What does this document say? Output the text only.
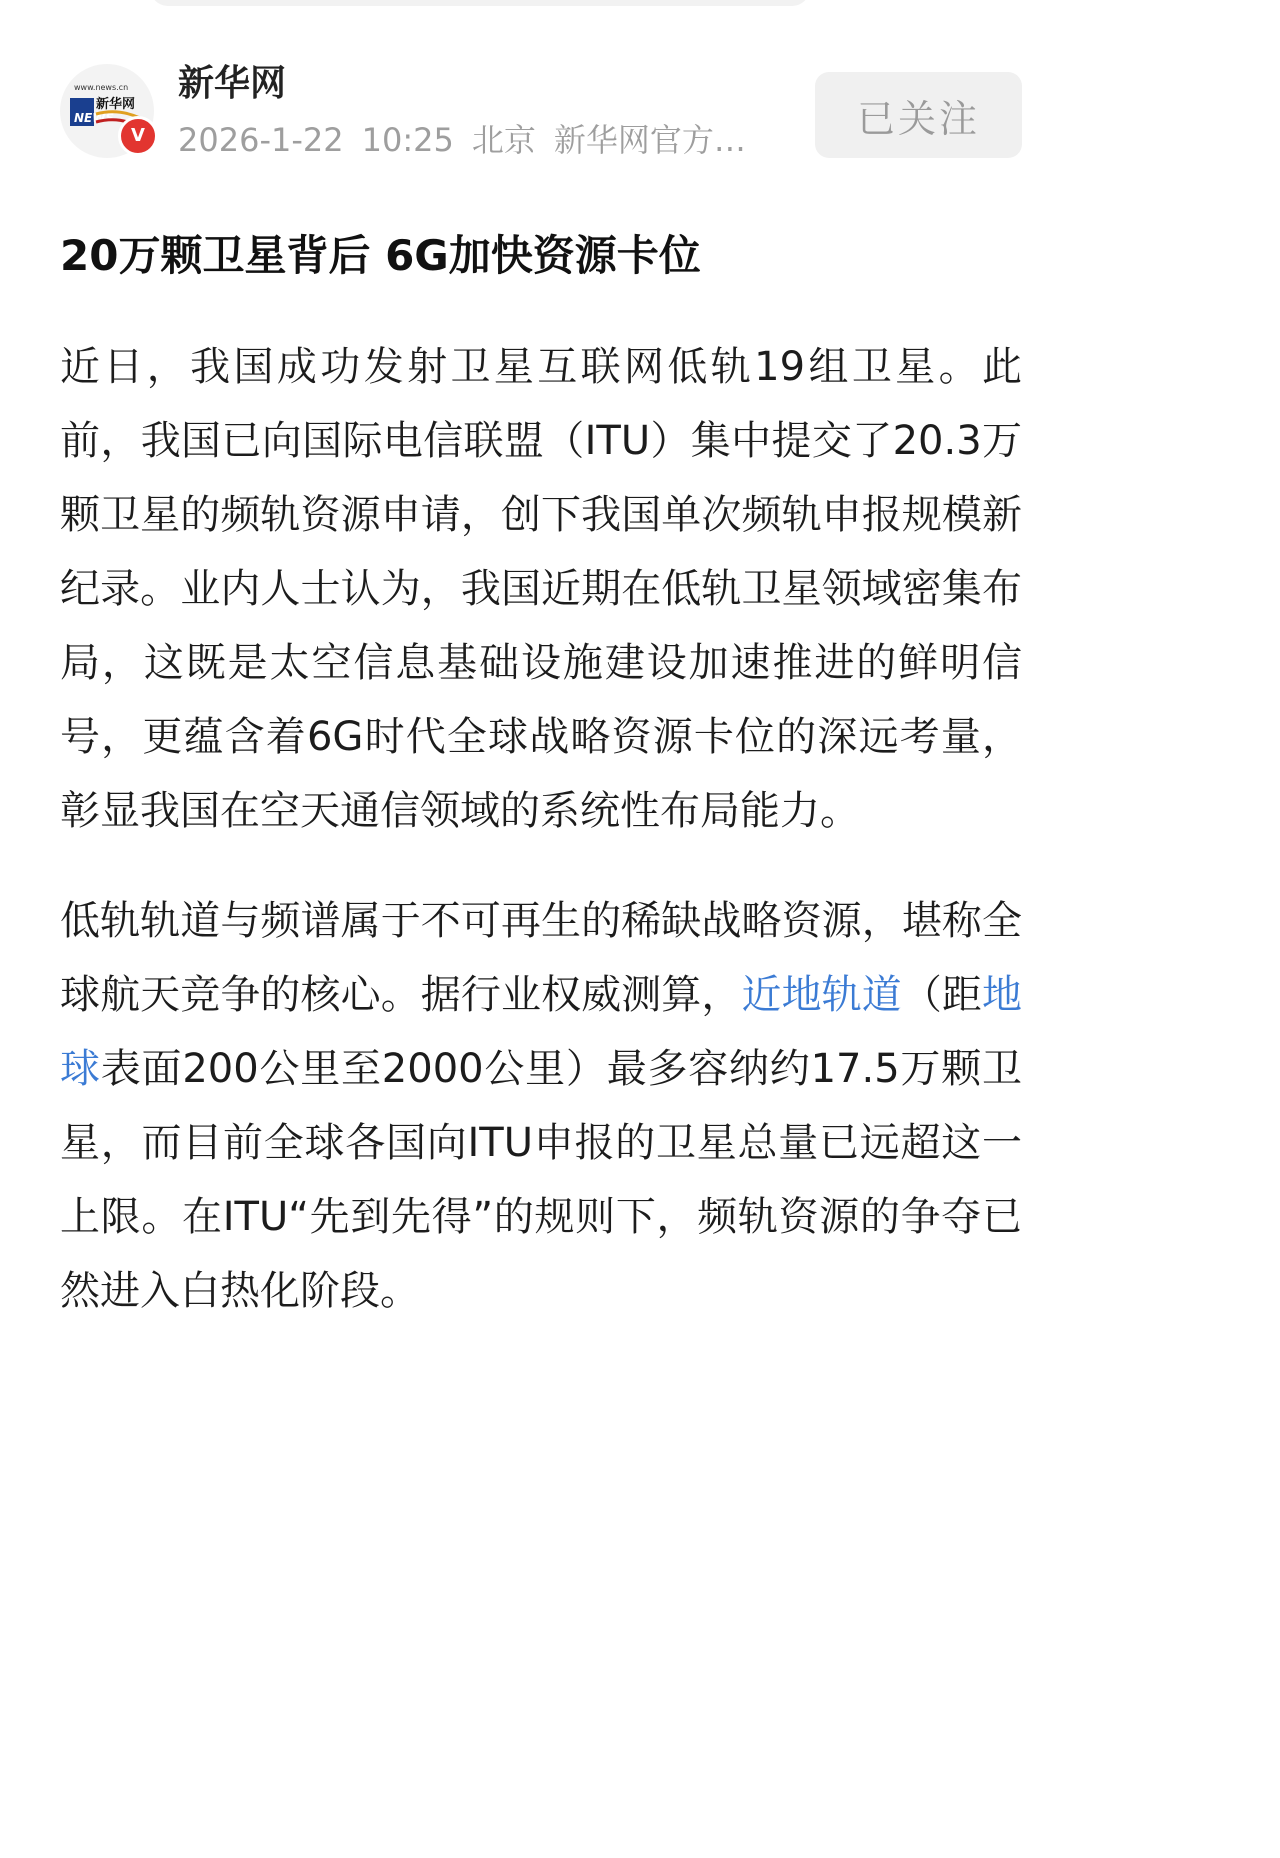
www.news.cn
新华网
NEWS
V
新华网
2026-1-22 10:25 北京 新华网官方…	已关注
20万颗卫星背后 6G加快资源卡位

近日，我国成功发射卫星互联网低轨19组卫星。此前，我国已向国际电信联盟（ITU）集中提交了20.3万颗卫星的频轨资源申请，创下我国单次频轨申报规模新纪录。业内人士认为，我国近期在低轨卫星领域密集布局，这既是太空信息基础设施建设加速推进的鲜明信号，更蕴含着6G时代全球战略资源卡位的深远考量，彰显我国在空天通信领域的系统性布局能力。

低轨轨道与频谱属于不可再生的稀缺战略资源，堪称全球航天竞争的核心。据行业权威测算，近地轨道（距地球表面200公里至2000公里）最多容纳约17.5万颗卫星，而目前全球各国向ITU申报的卫星总量已远超这一上限。在ITU“先到先得”的规则下，频轨资源的争夺已然进入白热化阶段。
